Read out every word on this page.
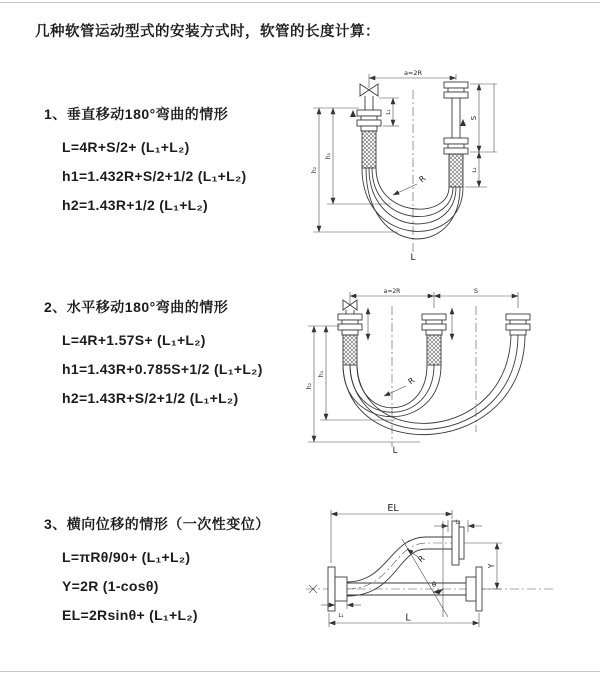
几种软管运动型式的安装方式时，软管的长度计算：
1、垂直移动180°弯曲的情形
L=4R+S/2+ (L₁+L₂)
h1=1.432R+S/2+1/2 (L₁+L₂)
h2=1.43R+1/2 (L₁+L₂)
2、水平移动180°弯曲的情形
L=4R+1.57S+ (L₁+L₂)
h1=1.43R+0.785S+1/2 (L₁+L₂)
h2=1.43R+S/2+1/2 (L₁+L₂)
3、横向位移的情形（一次性变位）
L=πRθ/90+ (L₁+L₂)
Y=2R (1-cosθ)
EL=2Rsinθ+ (L₁+L₂)
a=2R
h₂
h₁
L₁
S
L₂
R
L
a=2R	S
h₂
h₁
R
L
EL
L₂
Y
θ
R
L₁	L
